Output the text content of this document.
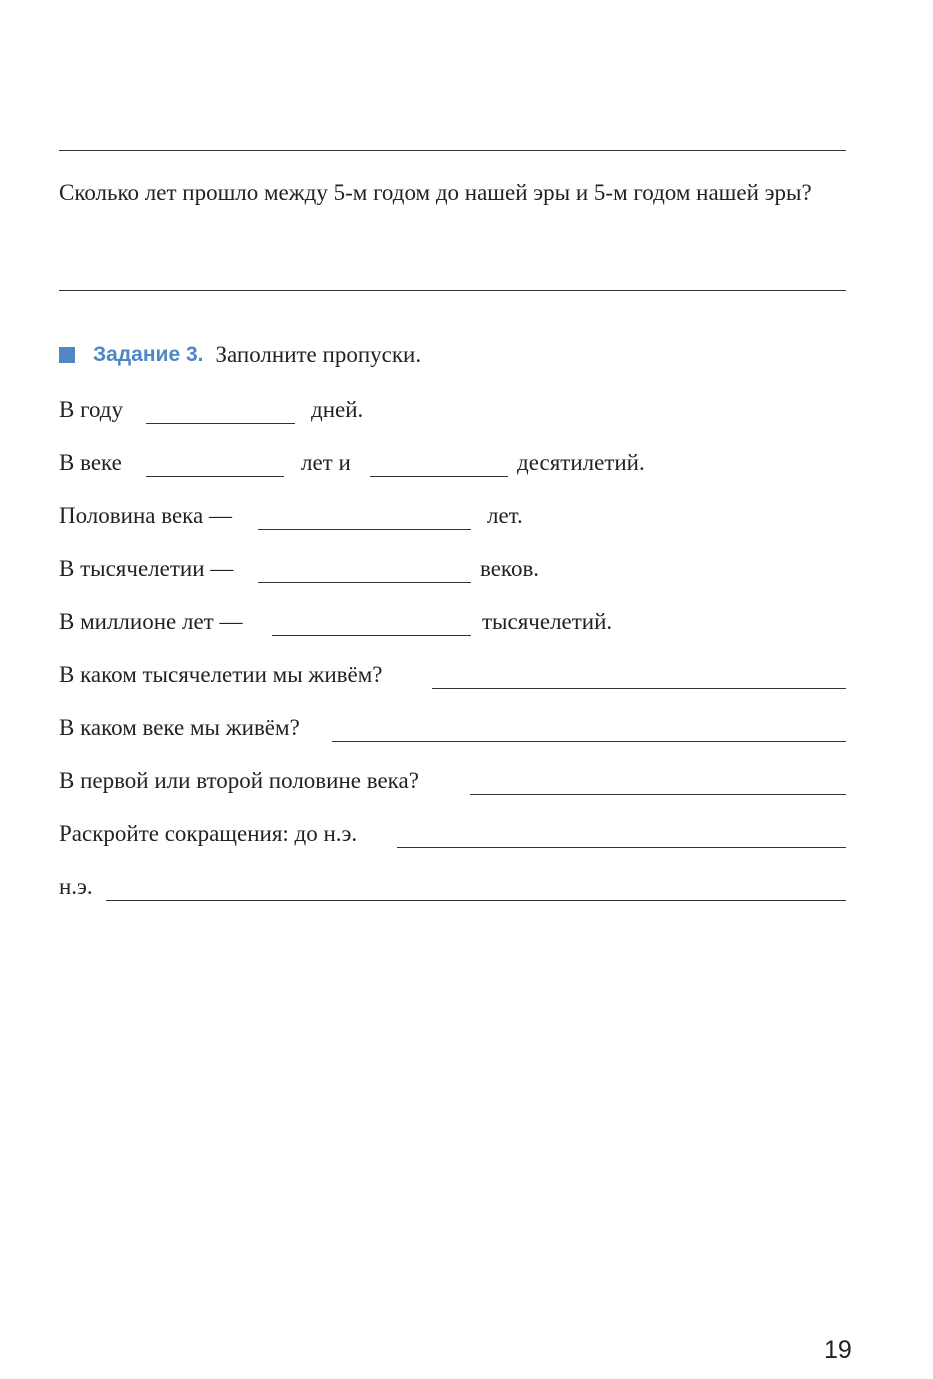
Сколько лет прошло между 5-м годом до нашей эры и 5-м годом нашей эры?
Задание 3. Заполните пропуски.
В году	дней.
В веке	лет и	десятилетий.
Половина века —	лет.
В тысячелетии —	веков.
В миллионе лет —	тысячелетий.
В каком тысячелетии мы живём?
В каком веке мы живём?
В первой или второй половине века?
Раскройте сокращения: до н.э.
н.э.
19
